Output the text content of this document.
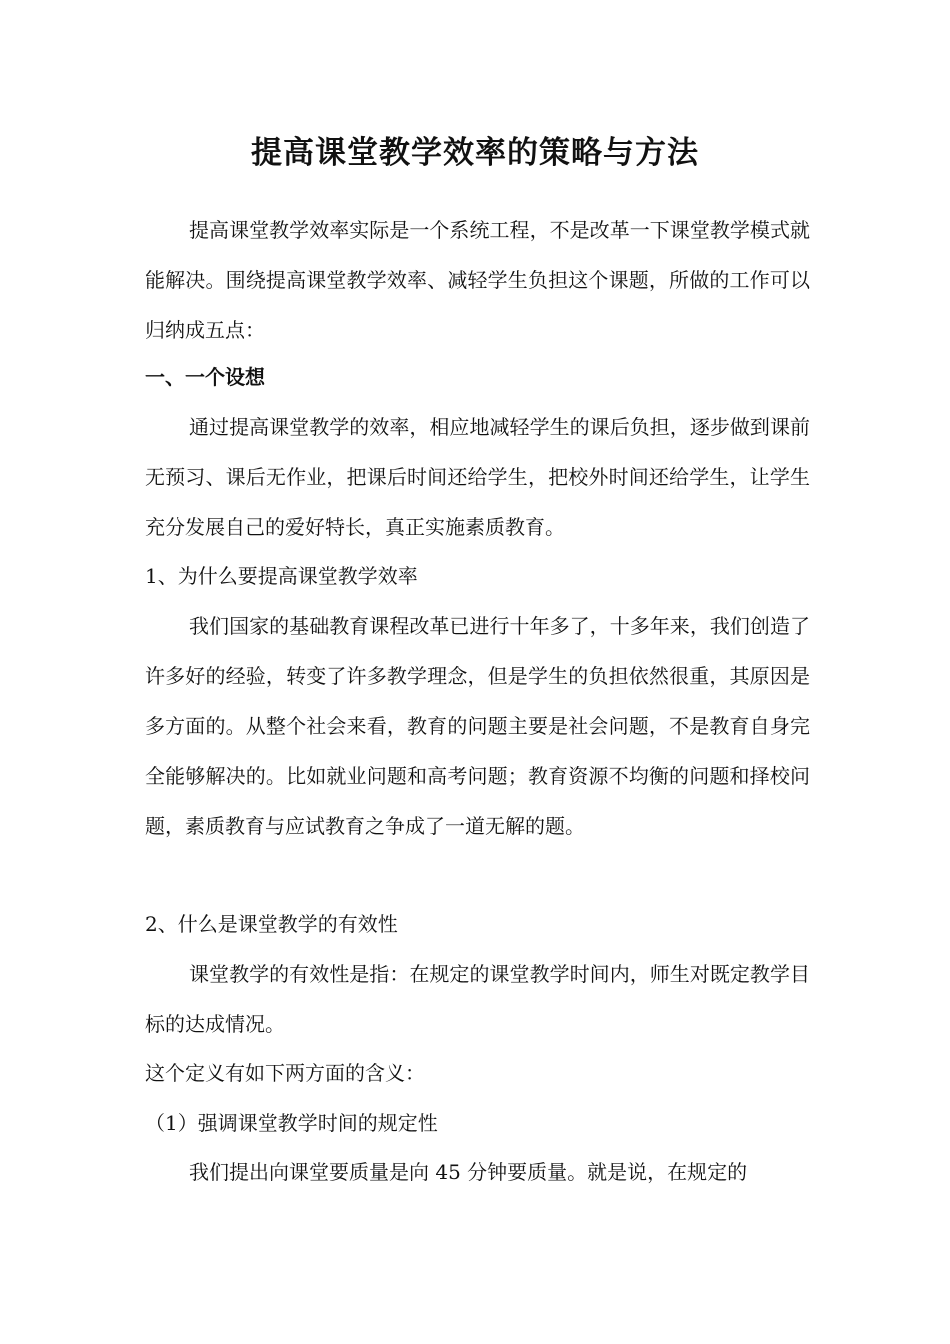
提高课堂教学效率的策略与方法

提高课堂教学效率实际是一个系统工程，不是改革一下课堂教学模式就能解决。围绕提高课堂教学效率、减轻学生负担这个课题，所做的工作可以归纳成五点：

一、一个设想

通过提高课堂教学的效率，相应地减轻学生的课后负担，逐步做到课前无预习、课后无作业，把课后时间还给学生，把校外时间还给学生，让学生充分发展自己的爱好特长，真正实施素质教育。

1、为什么要提高课堂教学效率

我们国家的基础教育课程改革已进行十年多了，十多年来，我们创造了许多好的经验，转变了许多教学理念，但是学生的负担依然很重，其原因是多方面的。从整个社会来看，教育的问题主要是社会问题，不是教育自身完全能够解决的。比如就业问题和高考问题；教育资源不均衡的问题和择校问题，素质教育与应试教育之争成了一道无解的题。

2、什么是课堂教学的有效性

课堂教学的有效性是指：在规定的课堂教学时间内，师生对既定教学目标的达成情况。

这个定义有如下两方面的含义：

（1）强调课堂教学时间的规定性

我们提出向课堂要质量是向 45 分钟要质量。就是说，在规定的
